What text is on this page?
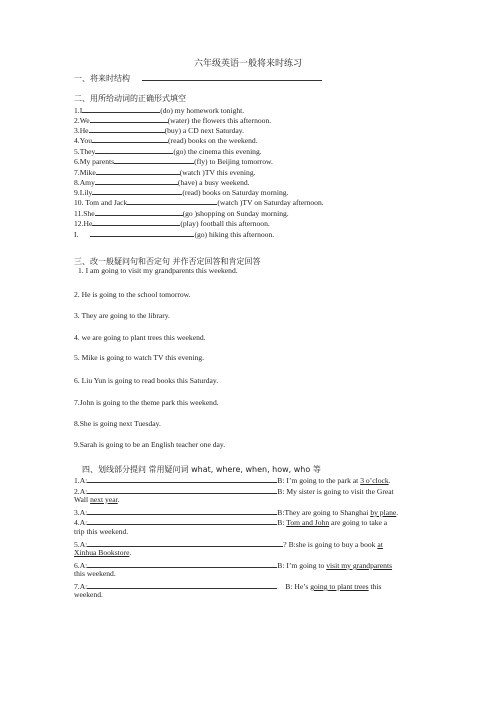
六年级英语一般将来时练习
一、将来时结构
二、用所给动词的正确形式填空
1.I	(do) my homework tonight.
2.We	(water) the flowers this afternoon.
3.He	(buy) a CD next Saturday.
4.You	(read) books on the weekend.
5.They	(go) the cinema this evening.
6.My parents	(fly) to Beijing tomorrow.
7.Mike	(watch )TV this evening.
8.Amy	(have) a busy weekend.
9.Lily	(read) books on Saturday morning.
10. Tom and Jack	(watch )TV on Saturday afternoon.
11.She	(go )shopping on Sunday morning.
12.He	(play) football this afternoon.
I.	(go) hiking this afternoon.
三、改一般疑问句和否定句 并作否定回答和肯定回答
1. I am going to visit my grandparents this weekend.
2. He is going to the school tomorrow.
3. They are going to the library.
4. we are going to plant trees this weekend.
5. Mike is going to watch TV this evening.
6. Liu Yun is going to read books this Saturday.
7.John is going to the theme park this weekend.
8.She is going next Tuesday.
9.Sarah is going to be an English teacher one day.
四、划线部分提问 常用疑问词 what, where, when, how, who 等
1.A:	B: I’m going to the park at 3 o’clock.
2.A:	B: My sister is going to visit the Great
Wall next year.
3.A:	B:They are going to Shanghai by plane.
4.A:	B: Tom and John are going to take a
trip this weekend.
5.A:	? B:she is going to buy a book at
Xinhua Bookstore.
6.A:	B: I’m going to visit my grandparents
this weekend.
7.A:	B: He’s going to plant trees this
weekend.
